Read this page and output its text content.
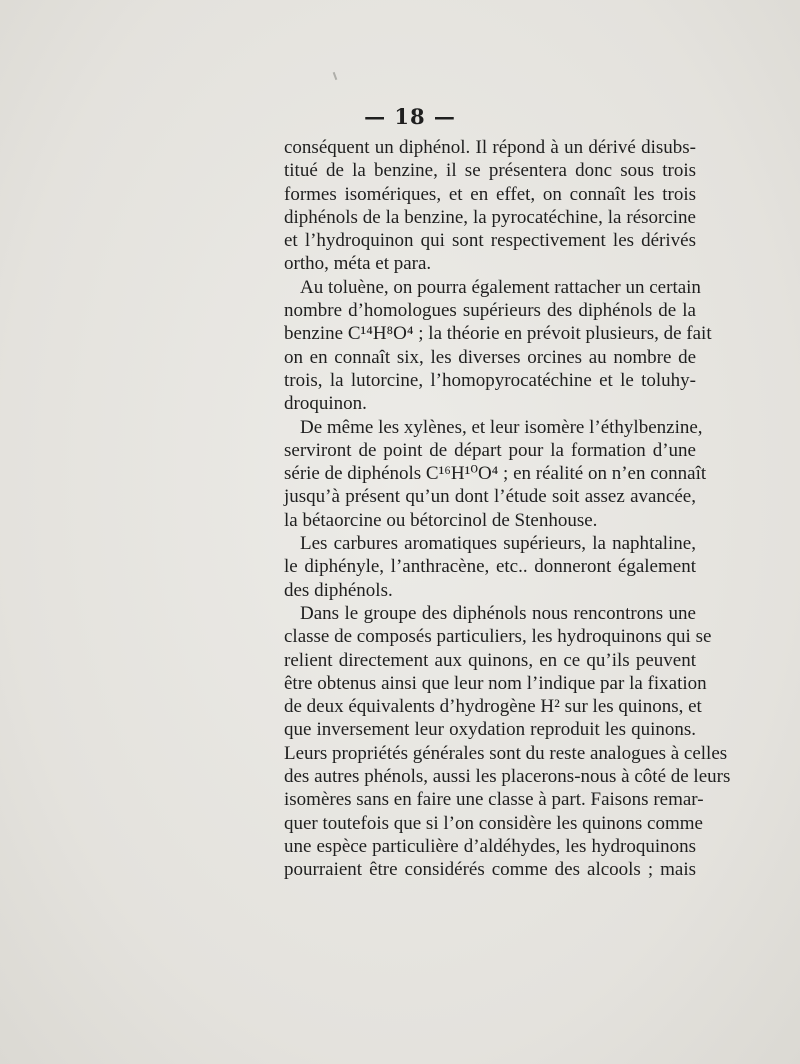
— 18 —
conséquent un diphénol. Il répond à un dérivé disubs-
titué de la benzine, il se présentera donc sous trois
formes isomériques, et en effet, on connaît les trois
diphénols de la benzine, la pyrocatéchine, la résorcine
et l’hydroquinon qui sont respectivement les dérivés
ortho, méta et para.
Au toluène, on pourra également rattacher un certain
nombre d’homologues supérieurs des diphénols de la
benzine C¹⁴H⁸O⁴ ; la théorie en prévoit plusieurs, de fait
on en connaît six, les diverses orcines au nombre de
trois, la lutorcine, l’homopyrocatéchine et le toluhy-
droquinon.
De même les xylènes, et leur isomère l’éthylbenzine,
serviront de point de départ pour la formation d’une
série de diphénols C¹⁶H¹⁰O⁴ ; en réalité on n’en connaît
jusqu’à présent qu’un dont l’étude soit assez avancée,
la bétaorcine ou bétorcinol de Stenhouse.
Les carbures aromatiques supérieurs, la naphtaline,
le diphényle, l’anthracène, etc.. donneront également
des diphénols.
Dans le groupe des diphénols nous rencontrons une
classe de composés particuliers, les hydroquinons qui se
relient directement aux quinons, en ce qu’ils peuvent
être obtenus ainsi que leur nom l’indique par la fixation
de deux équivalents d’hydrogène H² sur les quinons, et
que inversement leur oxydation reproduit les quinons.
Leurs propriétés générales sont du reste analogues à celles
des autres phénols, aussi les placerons-nous à côté de leurs
isomères sans en faire une classe à part. Faisons remar-
quer toutefois que si l’on considère les quinons comme
une espèce particulière d’aldéhydes, les hydroquinons
pourraient être considérés comme des alcools ; mais
